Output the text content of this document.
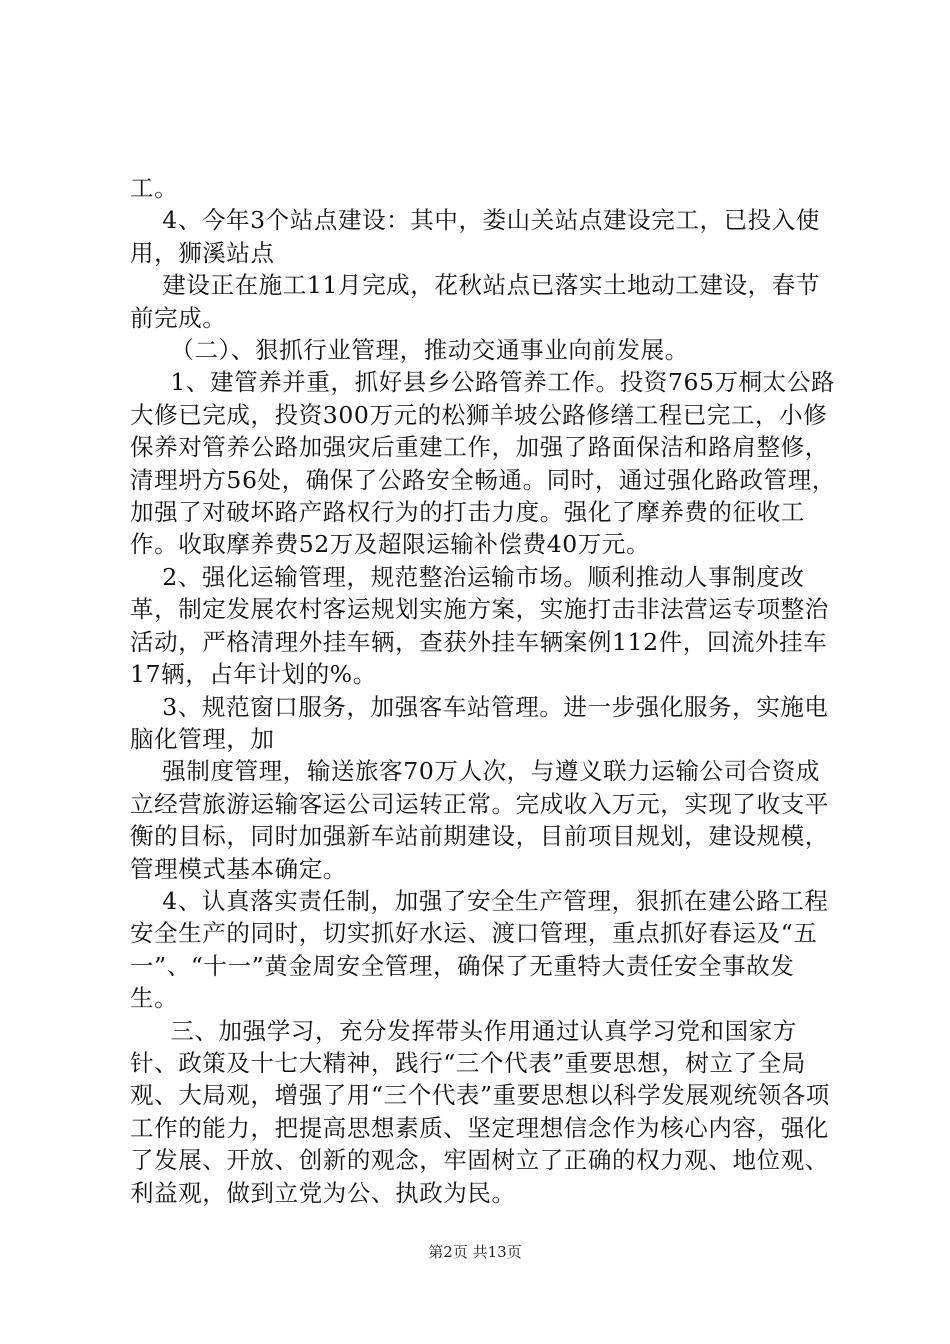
工。

4、今年3个站点建设：其中，娄山关站点建设完工，已投入使用，狮溪站点

建设正在施工11月完成，花秋站点已落实土地动工建设，春节前完成。

（二）、狠抓行业管理，推动交通事业向前发展。

1、建管养并重，抓好县乡公路管养工作。投资765万桐太公路大修已完成，投资300万元的松狮羊坡公路修缮工程已完工，小修保养对管养公路加强灾后重建工作，加强了路面保洁和路肩整修，清理坍方56处，确保了公路安全畅通。同时，通过强化路政管理，加强了对破坏路产路权行为的打击力度。强化了摩养费的征收工作。收取摩养费52万及超限运输补偿费40万元。

2、强化运输管理，规范整治运输市场。顺利推动人事制度改革，制定发展农村客运规划实施方案，实施打击非法营运专项整治活动，严格清理外挂车辆，查获外挂车辆案例112件，回流外挂车17辆，占年计划的%。

3、规范窗口服务，加强客车站管理。进一步强化服务，实施电脑化管理，加

强制度管理，输送旅客70万人次，与遵义联力运输公司合资成立经营旅游运输客运公司运转正常。完成收入万元，实现了收支平衡的目标，同时加强新车站前期建设，目前项目规划，建设规模，管理模式基本确定。

4、认真落实责任制，加强了安全生产管理，狠抓在建公路工程安全生产的同时，切实抓好水运、渡口管理，重点抓好春运及“五一”、“十一”黄金周安全管理，确保了无重特大责任安全事故发生。

三、加强学习，充分发挥带头作用通过认真学习党和国家方针、政策及十七大精神，践行“三个代表”重要思想，树立了全局观、大局观，增强了用“三个代表”重要思想以科学发展观统领各项工作的能力，把提高思想素质、坚定理想信念作为核心内容，强化了发展、开放、创新的观念，牢固树立了正确的权力观、地位观、利益观，做到立党为公、执政为民。

第2页 共13页
